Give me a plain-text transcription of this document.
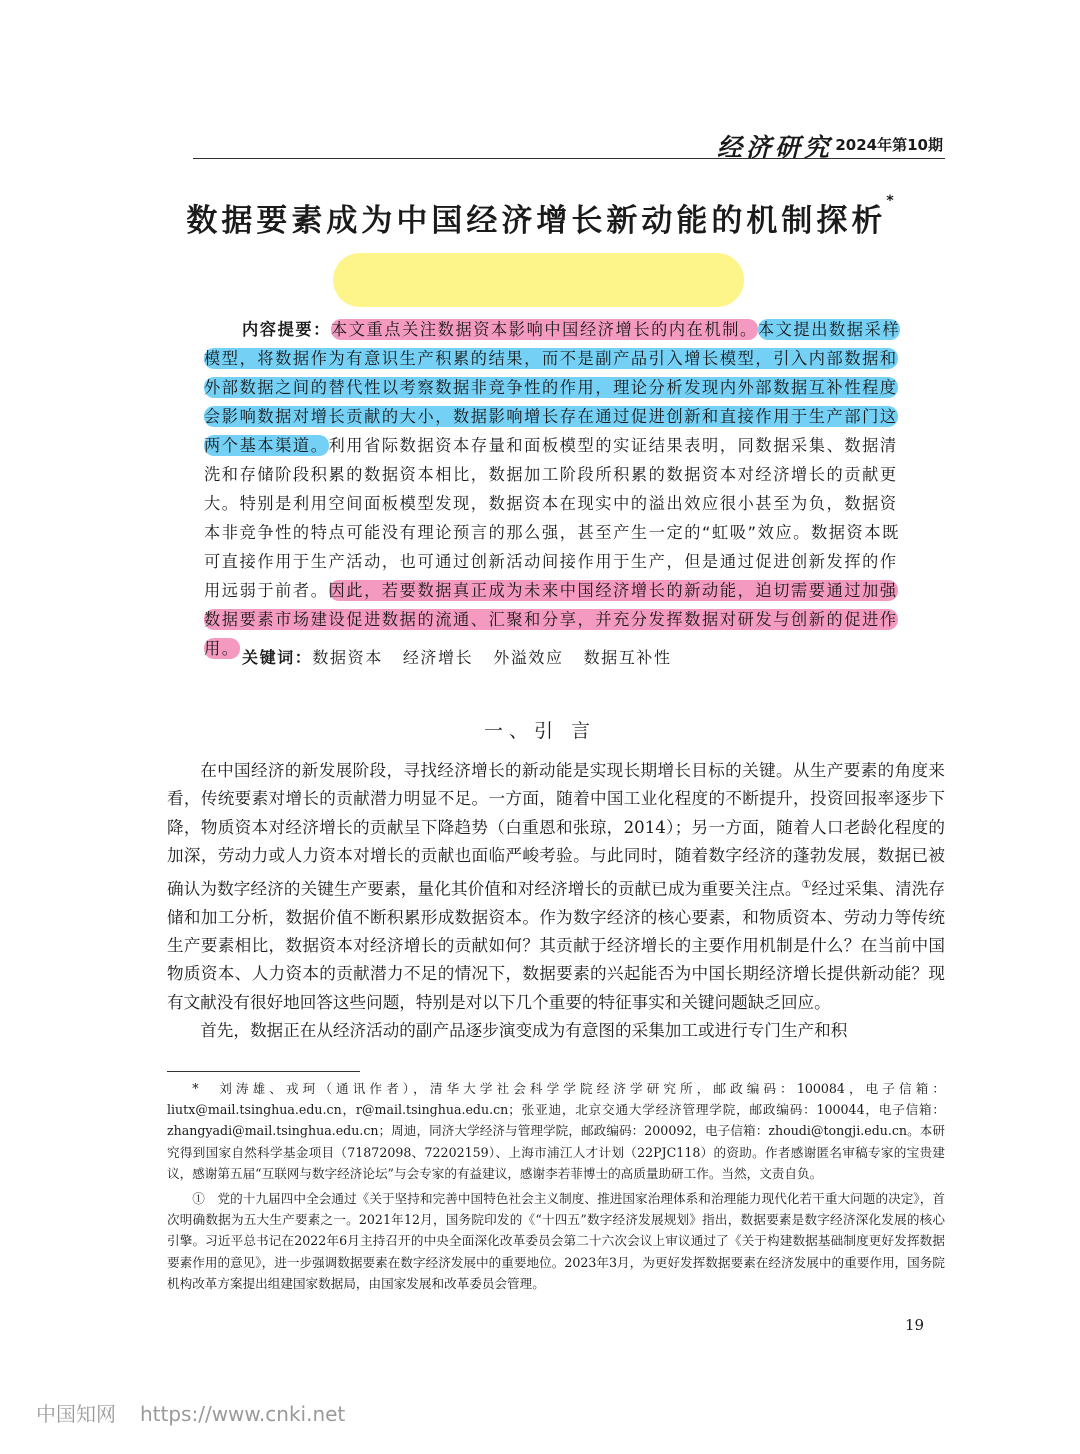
经济研究 2024年第10期
数据要素成为中国经济增长新动能的机制探析*
内容提要：本文重点关注数据资本影响中国经济增长的内在机制。本文提出数据采样模型，将数据作为有意识生产积累的结果，而不是副产品引入增长模型，引入内部数据和外部数据之间的替代性以考察数据非竞争性的作用，理论分析发现内外部数据互补性程度会影响数据对增长贡献的大小，数据影响增长存在通过促进创新和直接作用于生产部门这两个基本渠道。利用省际数据资本存量和面板模型的实证结果表明，同数据采集、数据清洗和存储阶段积累的数据资本相比，数据加工阶段所积累的数据资本对经济增长的贡献更大。特别是利用空间面板模型发现，数据资本在现实中的溢出效应很小甚至为负，数据资本非竞争性的特点可能没有理论预言的那么强，甚至产生一定的“虹吸”效应。数据资本既可直接作用于生产活动，也可通过创新活动间接作用于生产，但是通过促进创新发挥的作用远弱于前者。因此，若要数据真正成为未来中国经济增长的新动能，迫切需要通过加强数据要素市场建设促进数据的流通、汇聚和分享，并充分发挥数据对研发与创新的促进作用。 关键词：数据资本 经济增长 外溢效应 数据互补性
一、引 言

在中国经济的新发展阶段，寻找经济增长的新动能是实现长期增长目标的关键。从生产要素的角度来看，传统要素对增长的贡献潜力明显不足。一方面，随着中国工业化程度的不断提升，投资回报率逐步下降，物质资本对经济增长的贡献呈下降趋势（白重恩和张琼，2014）；另一方面，随着人口老龄化程度的加深，劳动力或人力资本对增长的贡献也面临严峻考验。与此同时，随着数字经济的蓬勃发展，数据已被确认为数字经济的关键生产要素，量化其价值和对经济增长的贡献已成为重要关注点。①经过采集、清洗存储和加工分析，数据价值不断积累形成数据资本。作为数字经济的核心要素，和物质资本、劳动力等传统生产要素相比，数据资本对经济增长的贡献如何？其贡献于经济增长的主要作用机制是什么？在当前中国物质资本、人力资本的贡献潜力不足的情况下，数据要素的兴起能否为中国长期经济增长提供新动能？现有文献没有很好地回答这些问题，特别是对以下几个重要的特征事实和关键问题缺乏回应。

首先，数据正在从经济活动的副产品逐步演变成为有意图的采集加工或进行专门生产和积

*　刘涛雄、戎珂（通讯作者），清华大学社会科学学院经济学研究所，邮政编码：100084，电子信箱：liutx@mail.tsinghua.edu.cn，r@mail.tsinghua.edu.cn；张亚迪，北京交通大学经济管理学院，邮政编码：100044，电子信箱：zhangyadi@mail.tsinghua.edu.cn；周迪，同济大学经济与管理学院，邮政编码：200092，电子信箱：zhoudi@tongji.edu.cn。本研究得到国家自然科学基金项目（71872098、72202159）、上海市浦江人才计划（22PJC118）的资助。作者感谢匿名审稿专家的宝贵建议，感谢第五届“互联网与数字经济论坛”与会专家的有益建议，感谢李若菲博士的高质量助研工作。当然，文责自负。

①　党的十九届四中全会通过《关于坚持和完善中国特色社会主义制度、推进国家治理体系和治理能力现代化若干重大问题的决定》，首次明确数据为五大生产要素之一。2021年12月，国务院印发的《“十四五”数字经济发展规划》指出，数据要素是数字经济深化发展的核心引擎。习近平总书记在2022年6月主持召开的中央全面深化改革委员会第二十六次会议上审议通过了《关于构建数据基础制度更好发挥数据要素作用的意见》，进一步强调数据要素在数字经济发展中的重要地位。2023年3月，为更好发挥数据要素在经济发展中的重要作用，国务院机构改革方案提出组建国家数据局，由国家发展和改革委员会管理。

19
中国知网 https://www.cnki.net
